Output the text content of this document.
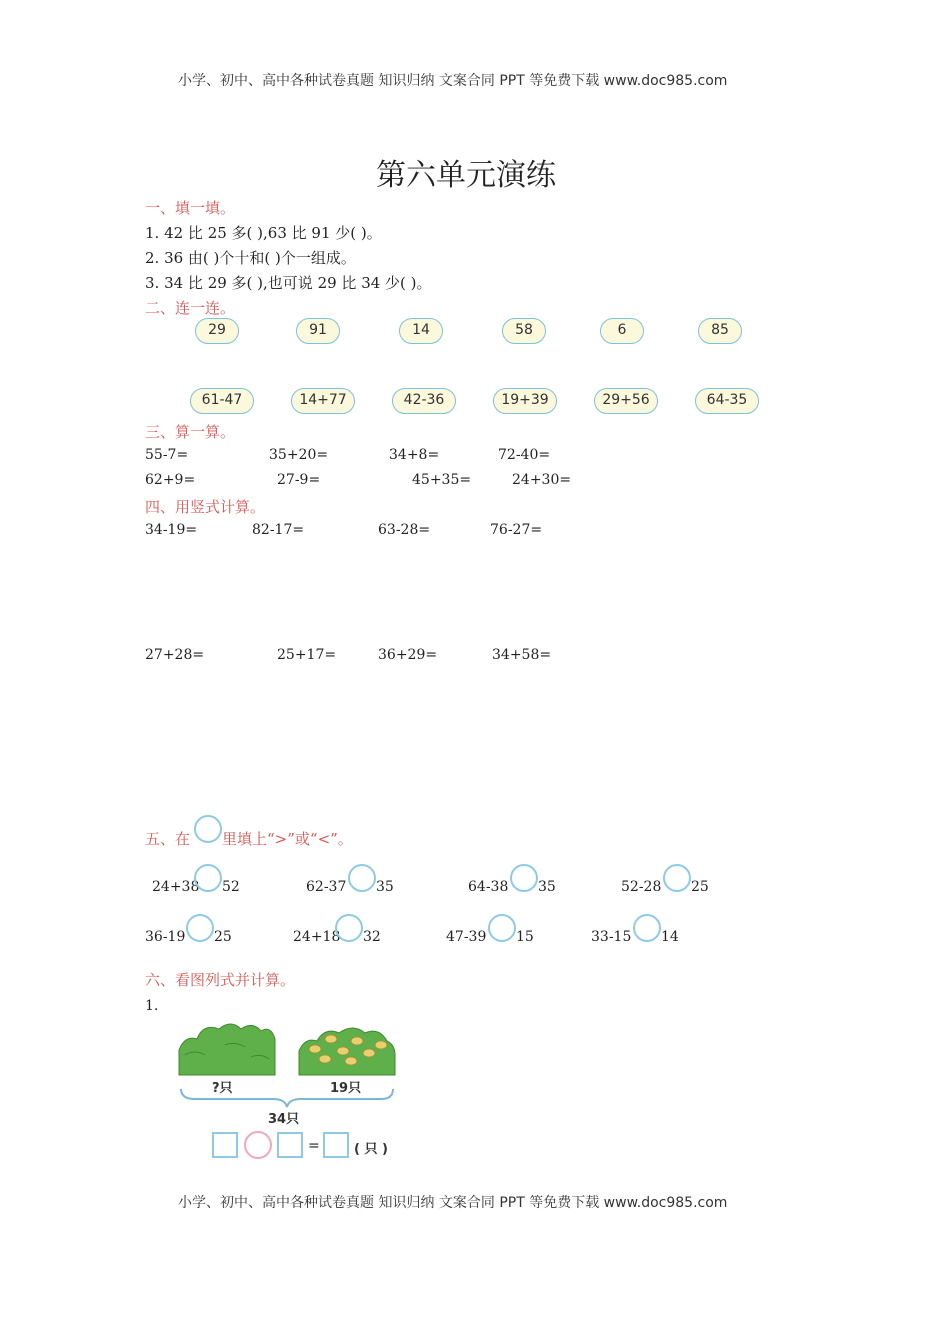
小学、初中、高中各种试卷真题 知识归纳 文案合同 PPT 等免费下载 www.doc985.com
第六单元演练
一、填一填。
1. 42 比 25 多( ),63 比 91 少( )。
2. 36 由( )个十和( )个一组成。
3. 34 比 29 多( ),也可说 29 比 34 少( )。
二、连一连。
29	91	14	58	6	85
61-47	14+77	42-36	19+39	29+56	64-35
三、算一算。
55-7=	35+20=	34+8=	72-40=
62+9=	27-9=	45+35=	24+30=
四、用竖式计算。
34-19=	82-17=	63-28=	76-27=
27+28=	25+17=	36+29=	34+58=
五、在 里填上“>”或“<”。
24+38 52	62-37 35	64-38 35	52-28 25
36-19 25	24+18 32	47-39 15	33-15 14
六、看图列式并计算。
1.
?只	19只
34只
=	( 只 )
小学、初中、高中各种试卷真题 知识归纳 文案合同 PPT 等免费下载 www.doc985.com
